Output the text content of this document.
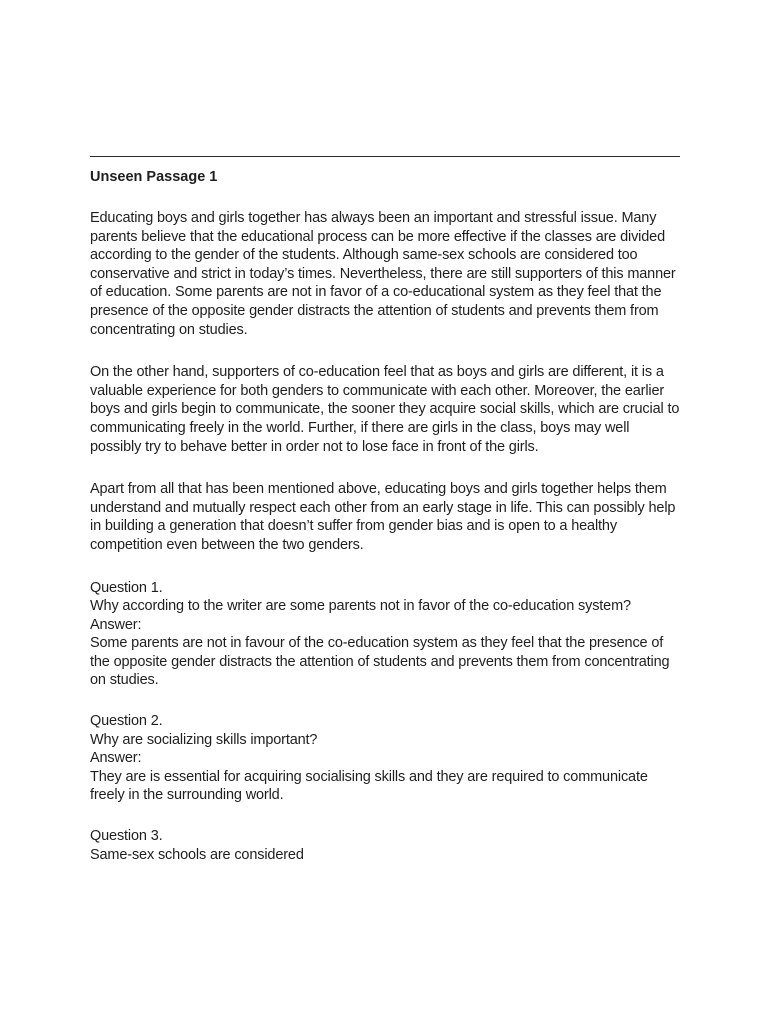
Unseen Passage 1

Educating boys and girls together has always been an important and stressful issue. Many parents believe that the educational process can be more effective if the classes are divided according to the gender of the students. Although same-sex schools are considered too conservative and strict in today’s times. Nevertheless, there are still supporters of this manner of education. Some parents are not in favor of a co-educational system as they feel that the presence of the opposite gender distracts the attention of students and prevents them from concentrating on studies.

On the other hand, supporters of co-education feel that as boys and girls are different, it is a valuable experience for both genders to communicate with each other. Moreover, the earlier boys and girls begin to communicate, the sooner they acquire social skills, which are crucial to communicating freely in the world. Further, if there are girls in the class, boys may well possibly try to behave better in order not to lose face in front of the girls.

Apart from all that has been mentioned above, educating boys and girls together helps them understand and mutually respect each other from an early stage in life. This can possibly help in building a generation that doesn’t suffer from gender bias and is open to a healthy competition even between the two genders.

Question 1.
Why according to the writer are some parents not in favor of the co-education system?
Answer:
Some parents are not in favour of the co-education system as they feel that the presence of the opposite gender distracts the attention of students and prevents them from concentrating on studies.
Question 2.
Why are socializing skills important?
Answer:
They are is essential for acquiring socialising skills and they are required to communicate freely in the surrounding world.
Question 3.
Same-sex schools are considered
